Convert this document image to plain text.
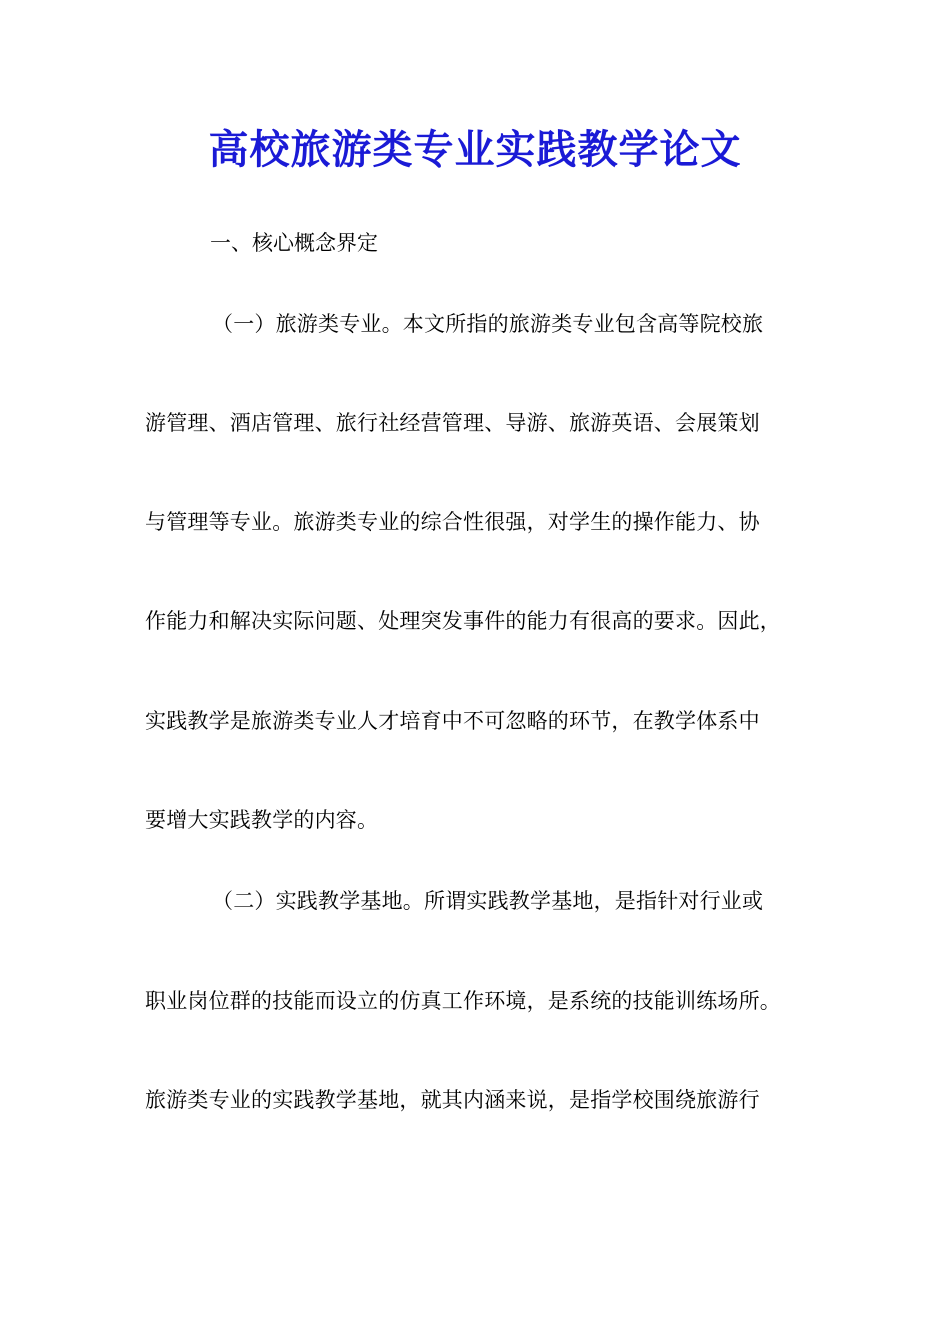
高校旅游类专业实践教学论文

一、核心概念界定

（一）旅游类专业。本文所指的旅游类专业包含高等院校旅

游管理、酒店管理、旅行社经营管理、导游、旅游英语、会展策划

与管理等专业。旅游类专业的综合性很强，对学生的操作能力、协

作能力和解决实际问题、处理突发事件的能力有很高的要求。因此，

实践教学是旅游类专业人才培育中不可忽略的环节，在教学体系中

要增大实践教学的内容。

（二）实践教学基地。所谓实践教学基地，是指针对行业或

职业岗位群的技能而设立的仿真工作环境，是系统的技能训练场所。

旅游类专业的实践教学基地，就其内涵来说，是指学校围绕旅游行
